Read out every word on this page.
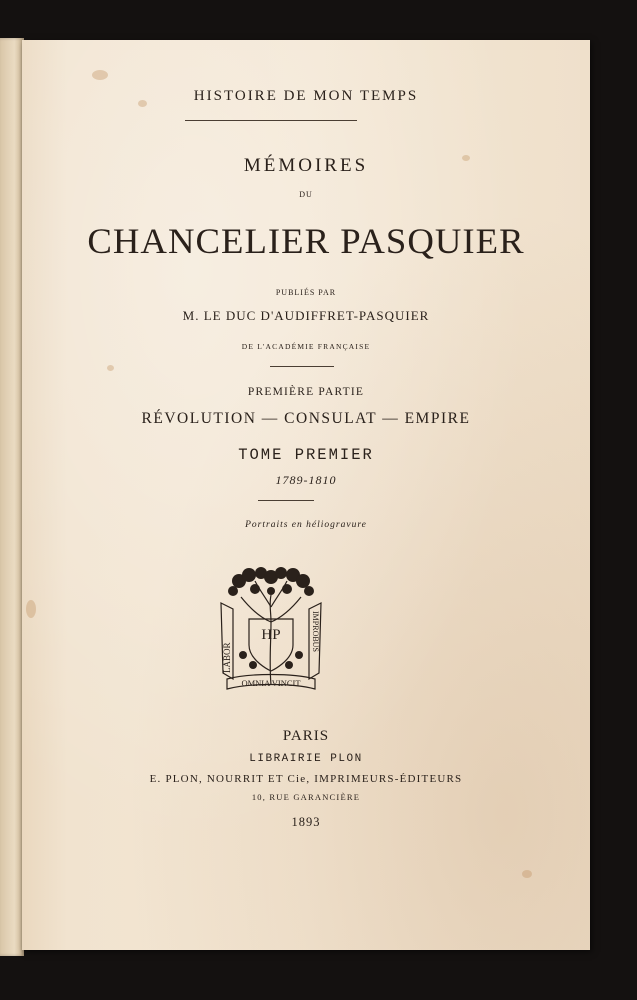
HISTOIRE DE MON TEMPS
MÉMOIRES
DU
CHANCELIER PASQUIER
PUBLIÉS PAR
M. LE DUC D'AUDIFFRET-PASQUIER
DE L'ACADÉMIE FRANÇAISE
PREMIÈRE PARTIE
RÉVOLUTION — CONSULAT — EMPIRE
TOME PREMIER
1789-1810
Portraits en héliogravure
HP
LABOR
IMPROBUS
OMNIA VINCIT
PARIS
LIBRAIRIE PLON
E. PLON, NOURRIT ET Cie, IMPRIMEURS-ÉDITEURS
10, RUE GARANCIÈRE
1893
